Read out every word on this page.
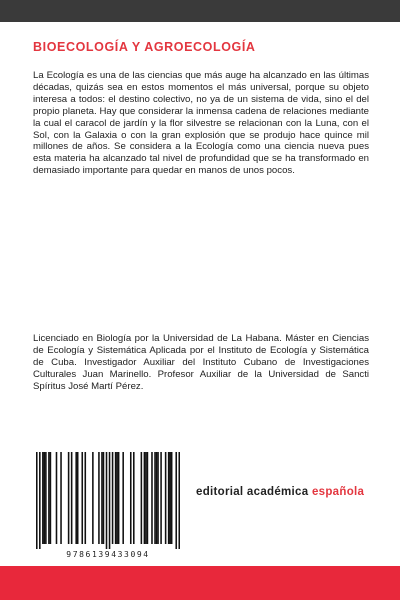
BIOECOLOGÍA Y AGROECOLOGÍA

La Ecología es una de las ciencias que más auge ha alcanzado en las últimas décadas, quizás sea en estos momentos el más universal, porque su objeto interesa a todos: el destino colectivo, no ya de un sistema de vida, sino el del propio planeta. Hay que considerar la inmensa cadena de relaciones mediante la cual el caracol de jardín y la flor silvestre se relacionan con la Luna, con el Sol, con la Galaxia o con la gran explosión que se produjo hace quince mil millones de años. Se considera a la Ecología como una ciencia nueva pues esta materia ha alcanzado tal nivel de profundidad que se ha transformado en demasiado importante para quedar en manos de unos pocos.

Licenciado en Biología por la Universidad de La Habana. Máster en Ciencias de Ecología y Sistemática Aplicada por el Instituto de Ecología y Sistemática de Cuba. Investigador Auxiliar del Instituto Cubano de Investigaciones Culturales Juan Marinello. Profesor Auxiliar de la Universidad de Sancti Spíritus José Martí Pérez.

9786139433094
editorial académica española
